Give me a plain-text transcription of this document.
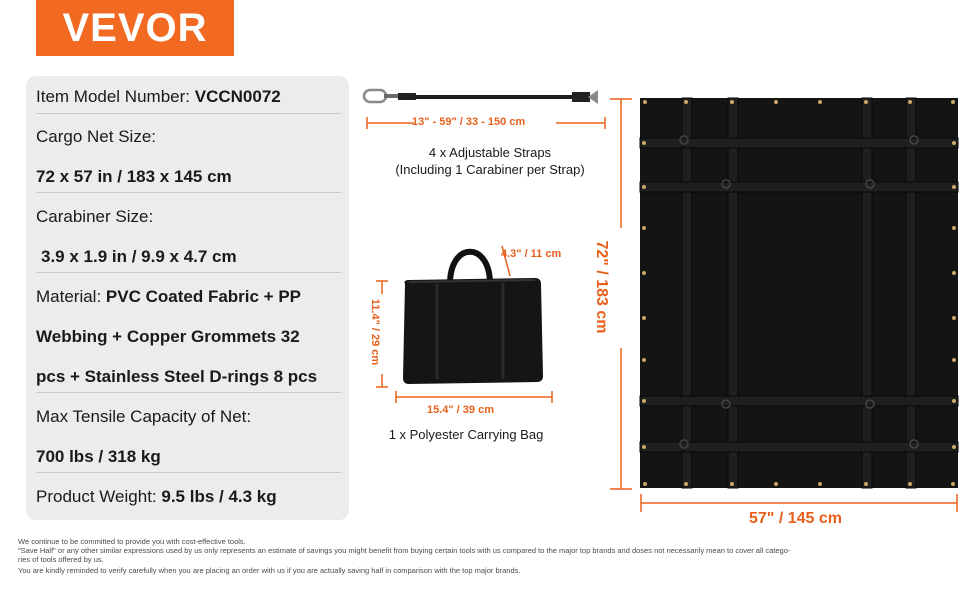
VEVOR
Item Model Number: VCCN0072
Cargo Net Size:
72 x 57 in / 183 x 145 cm
Carabiner Size:
3.9 x 1.9 in / 9.9 x 4.7 cm
Material: PVC Coated Fabric + PP
Webbing + Copper Grommets 32
pcs + Stainless Steel D-rings 8 pcs
Max Tensile Capacity of Net:
700 lbs / 318 kg
Product Weight: 9.5 lbs / 4.3 kg
13" - 59" / 33 - 150 cm
4 x Adjustable Straps
(Including 1 Carabiner per Strap)
4.3" / 11 cm
11.4" / 29 cm
15.4" / 39 cm
1 x Polyester Carrying Bag
72" / 183 cm
57" / 145 cm
We continue to be committed to provide you with cost-effective tools.
"Save Half" or any other similar expressions used by us only represents an estimate of savings you might benefit from buying certain tools with us compared to the major top brands and doses not necessarily mean to cover all catego-
ries of tools offered by us.
You are kindly reminded to verify carefully when you are placing an order with us if you are actually saving half in comparison with the top major brands.
